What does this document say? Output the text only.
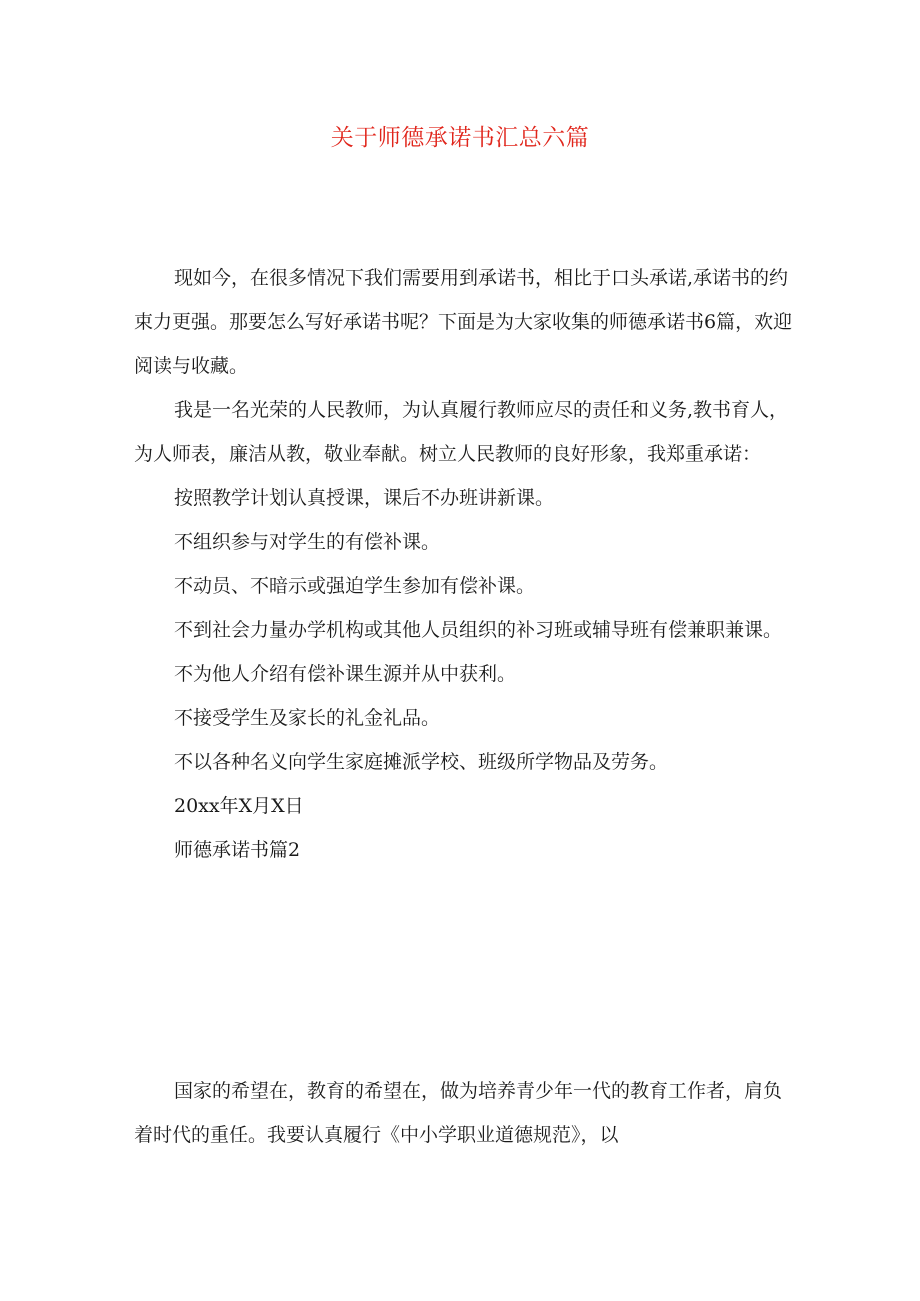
关于师德承诺书汇总六篇

现如今，在很多情况下我们需要用到承诺书，相比于口头承诺,承诺书的约束力更强。那要怎么写好承诺书呢？下面是为大家收集的师德承诺书6篇，欢迎阅读与收藏。

我是一名光荣的人民教师，为认真履行教师应尽的责任和义务,教书育人，为人师表，廉洁从教，敬业奉献。树立人民教师的良好形象，我郑重承诺：

按照教学计划认真授课，课后不办班讲新课。

不组织参与对学生的有偿补课。

不动员、不暗示或强迫学生参加有偿补课。

不到社会力量办学机构或其他人员组织的补习班或辅导班有偿兼职兼课。

不为他人介绍有偿补课生源并从中获利。

不接受学生及家长的礼金礼品。

不以各种名义向学生家庭摊派学校、班级所学物品及劳务。

20xx年X月X日

师德承诺书篇2

国家的希望在，教育的希望在，做为培养青少年一代的教育工作者，肩负着时代的重任。我要认真履行《中小学职业道德规范》，以
